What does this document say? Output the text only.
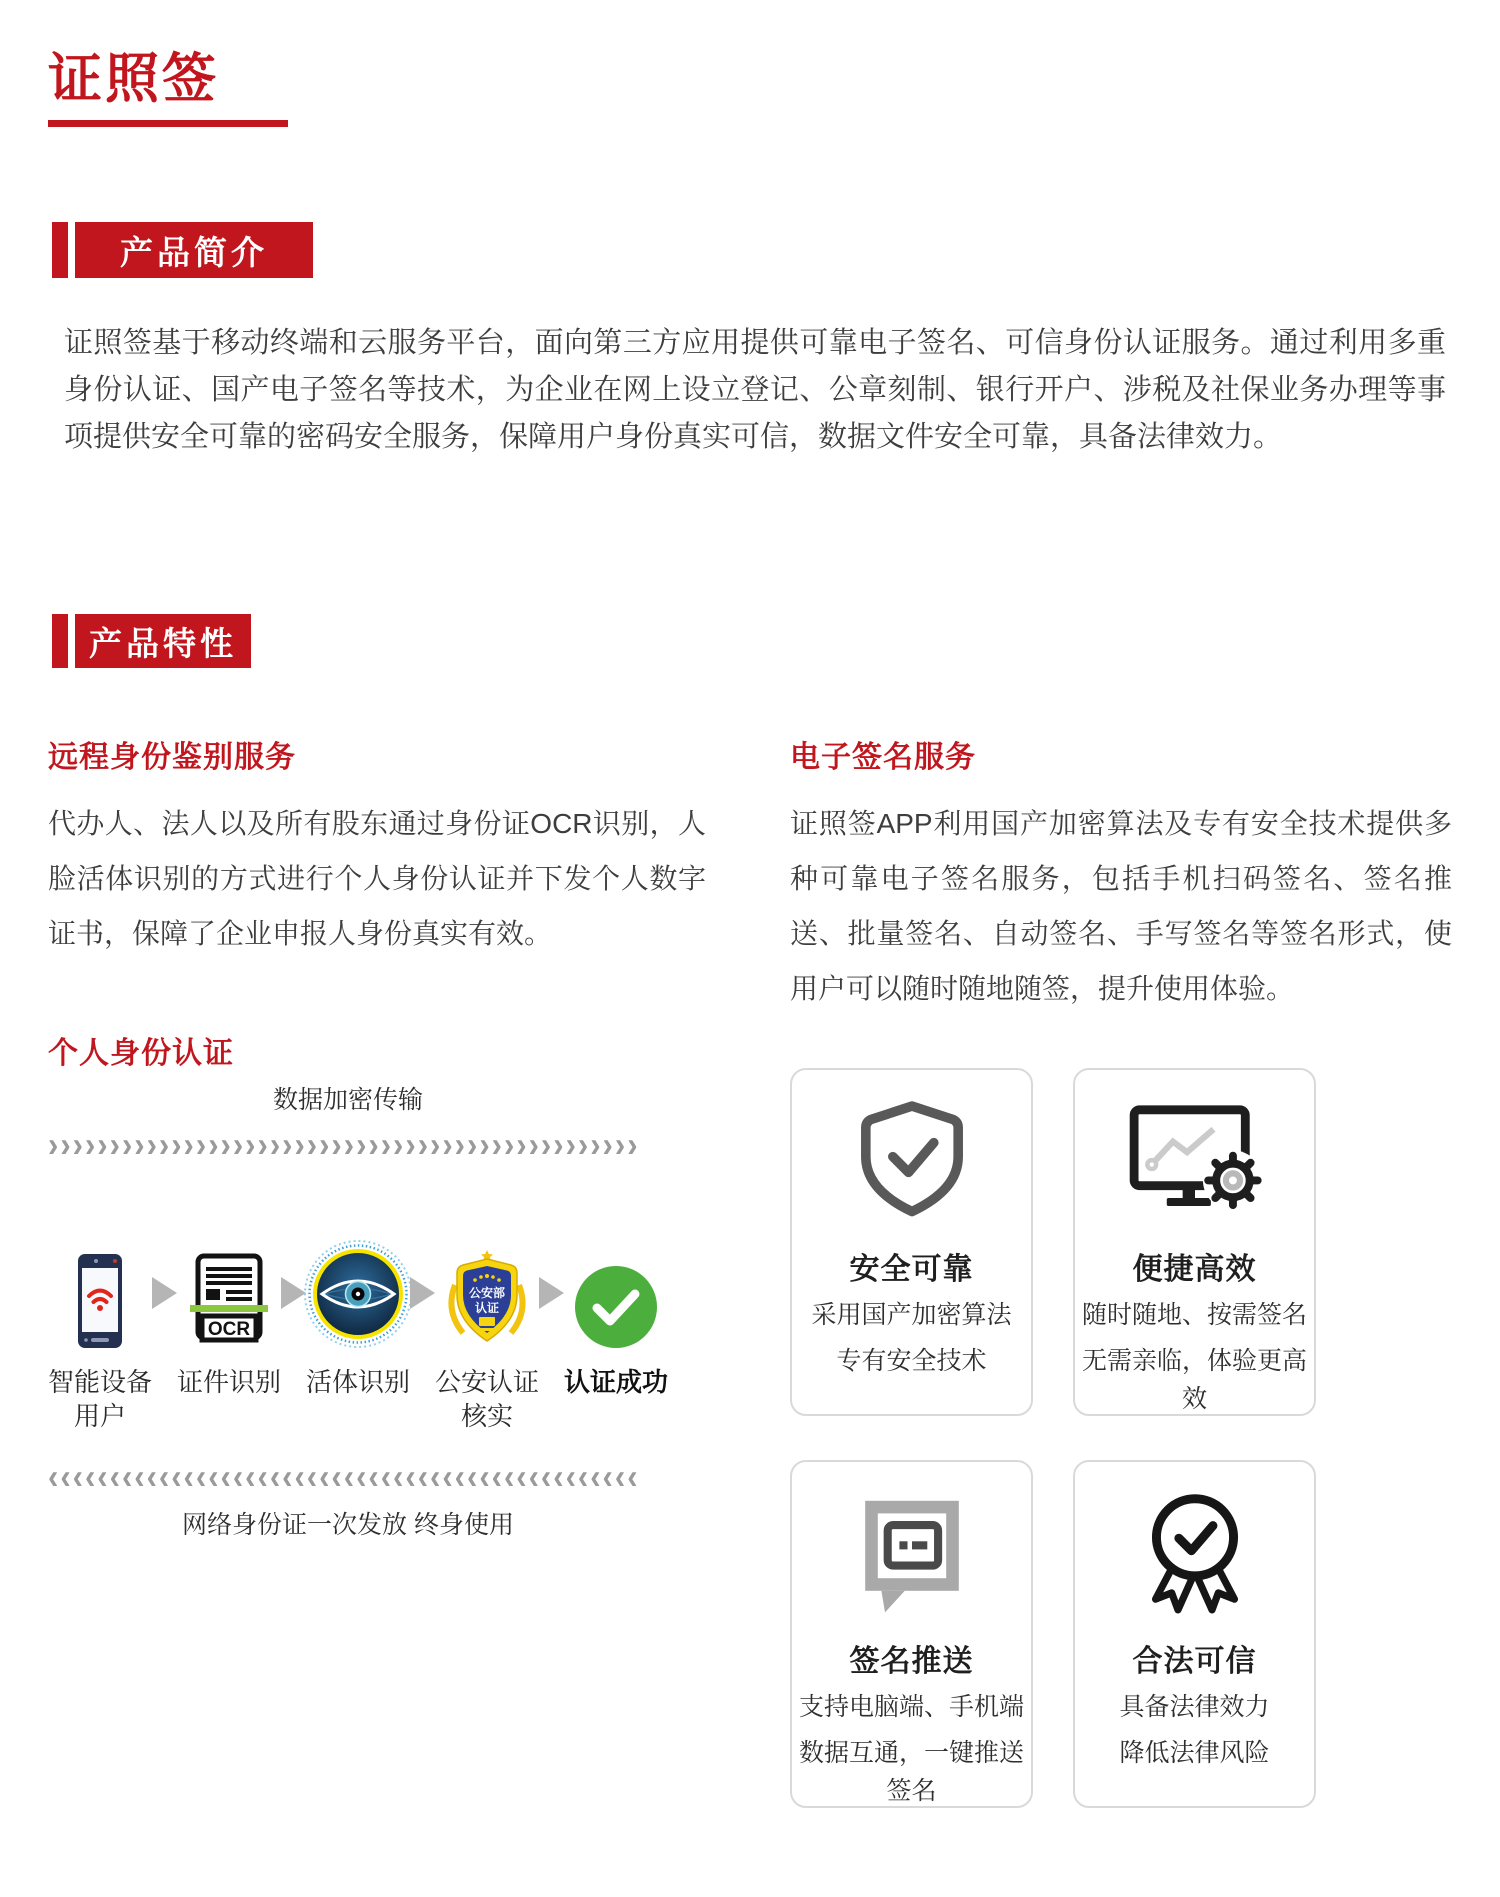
证照签
产品简介

证照签基于移动终端和云服务平台，面向第三方应用提供可靠电子签名、可信身份认证服务。通过利用多重身份认证、国产电子签名等技术，为企业在网上设立登记、公章刻制、银行开户、涉税及社保业务办理等事项提供安全可靠的密码安全服务，保障用户身份真实可信，数据文件安全可靠，具备法律效力。

产品特性
远程身份鉴别服务

代办人、法人以及所有股东通过身份证OCR识别，人脸活体识别的方式进行个人身份认证并下发个人数字证书，保障了企业申报人身份真实有效。

电子签名服务

证照签APP利用国产加密算法及专有安全技术提供多种可靠电子签名服务，包括手机扫码签名、签名推送、批量签名、自动签名、手写签名等签名形式，使用户可以随时随地随签，提升使用体验。

个人身份认证
数据加密传输
››››››››››››››››››››››››››››››››››››››››››››››››
智能设备用户
OCR
证件识别 活体识别
公安部
认证
公安认证核实
认证成功
‹‹‹‹‹‹‹‹‹‹‹‹‹‹‹‹‹‹‹‹‹‹‹‹‹‹‹‹‹‹‹‹‹‹‹‹‹‹‹‹‹‹‹‹‹‹‹‹
网络身份证一次发放 终身使用
安全可靠
采用国产加密算法
专有安全技术
便捷高效
随时随地、按需签名
无需亲临，体验更高效
签名推送
支持电脑端、手机端
数据互通，一键推送签名
合法可信
具备法律效力
降低法律风险
